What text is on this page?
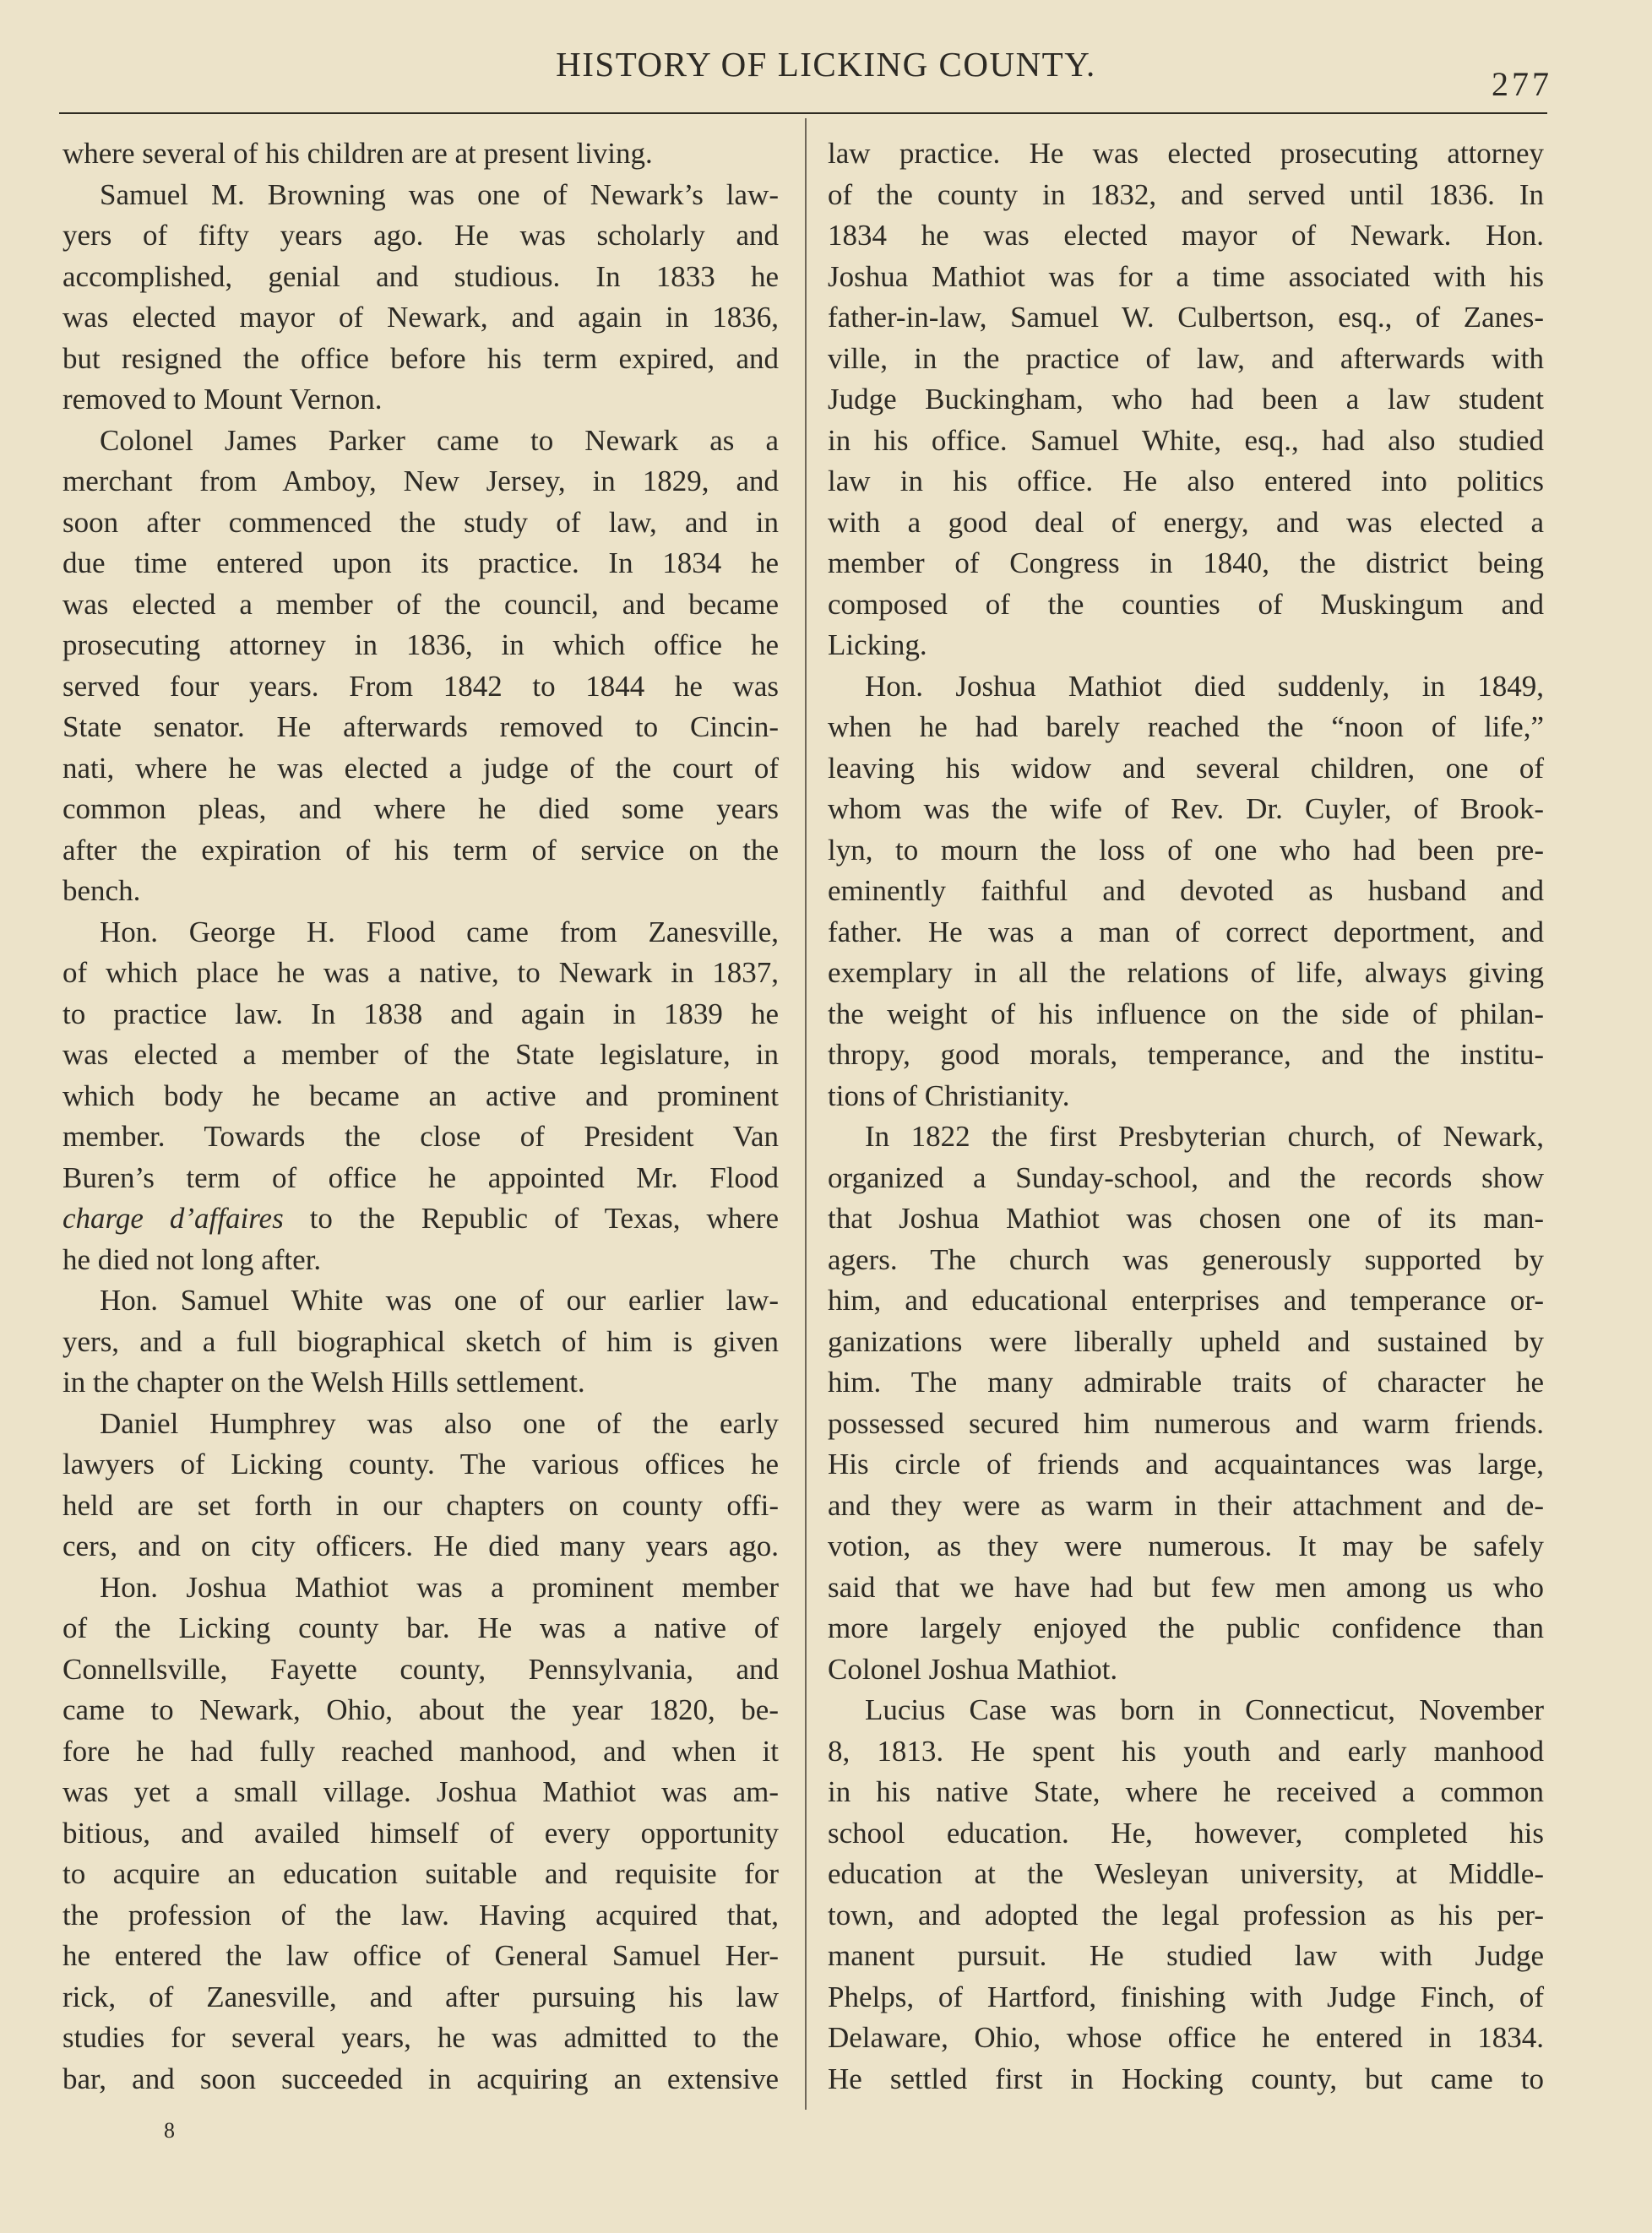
HISTORY OF LICKING COUNTY.
277

where several of his children are at present living.

Samuel M. Browning was one of Newark’s law-

yers of fifty years ago. He was scholarly and

accomplished, genial and studious. In 1833 he

was elected mayor of Newark, and again in 1836,

but resigned the office before his term expired, and

removed to Mount Vernon.

Colonel James Parker came to Newark as a

merchant from Amboy, New Jersey, in 1829, and

soon after commenced the study of law, and in

due time entered upon its practice. In 1834 he

was elected a member of the council, and became

prosecuting attorney in 1836, in which office he

served four years. From 1842 to 1844 he was

State senator. He afterwards removed to Cincin-

nati, where he was elected a judge of the court of

common pleas, and where he died some years

after the expiration of his term of service on the

bench.

Hon. George H. Flood came from Zanesville,

of which place he was a native, to Newark in 1837,

to practice law. In 1838 and again in 1839 he

was elected a member of the State legislature, in

which body he became an active and prominent

member. Towards the close of President Van

Buren’s term of office he appointed Mr. Flood

charge d’affaires to the Republic of Texas, where

he died not long after.

Hon. Samuel White was one of our earlier law-

yers, and a full biographical sketch of him is given

in the chapter on the Welsh Hills settlement.

Daniel Humphrey was also one of the early

lawyers of Licking county. The various offices he

held are set forth in our chapters on county offi-

cers, and on city officers. He died many years ago.

Hon. Joshua Mathiot was a prominent member

of the Licking county bar. He was a native of

Connellsville, Fayette county, Pennsylvania, and

came to Newark, Ohio, about the year 1820, be-

fore he had fully reached manhood, and when it

was yet a small village. Joshua Mathiot was am-

bitious, and availed himself of every opportunity

to acquire an education suitable and requisite for

the profession of the law. Having acquired that,

he entered the law office of General Samuel Her-

rick, of Zanesville, and after pursuing his law

studies for several years, he was admitted to the

bar, and soon succeeded in acquiring an extensive

law practice. He was elected prosecuting attorney

of the county in 1832, and served until 1836. In

1834 he was elected mayor of Newark. Hon.

Joshua Mathiot was for a time associated with his

father-in-law, Samuel W. Culbertson, esq., of Zanes-

ville, in the practice of law, and afterwards with

Judge Buckingham, who had been a law student

in his office. Samuel White, esq., had also studied

law in his office. He also entered into politics

with a good deal of energy, and was elected a

member of Congress in 1840, the district being

composed of the counties of Muskingum and

Licking.

Hon. Joshua Mathiot died suddenly, in 1849,

when he had barely reached the “noon of life,”

leaving his widow and several children, one of

whom was the wife of Rev. Dr. Cuyler, of Brook-

lyn, to mourn the loss of one who had been pre-

eminently faithful and devoted as husband and

father. He was a man of correct deportment, and

exemplary in all the relations of life, always giving

the weight of his influence on the side of philan-

thropy, good morals, temperance, and the institu-

tions of Christianity.

In 1822 the first Presbyterian church, of Newark,

organized a Sunday-school, and the records show

that Joshua Mathiot was chosen one of its man-

agers. The church was generously supported by

him, and educational enterprises and temperance or-

ganizations were liberally upheld and sustained by

him. The many admirable traits of character he

possessed secured him numerous and warm friends.

His circle of friends and acquaintances was large,

and they were as warm in their attachment and de-

votion, as they were numerous. It may be safely

said that we have had but few men among us who

more largely enjoyed the public confidence than

Colonel Joshua Mathiot.

Lucius Case was born in Connecticut, November

8, 1813. He spent his youth and early manhood

in his native State, where he received a common

school education. He, however, completed his

education at the Wesleyan university, at Middle-

town, and adopted the legal profession as his per-

manent pursuit. He studied law with Judge

Phelps, of Hartford, finishing with Judge Finch, of

Delaware, Ohio, whose office he entered in 1834.

He settled first in Hocking county, but came to

8
